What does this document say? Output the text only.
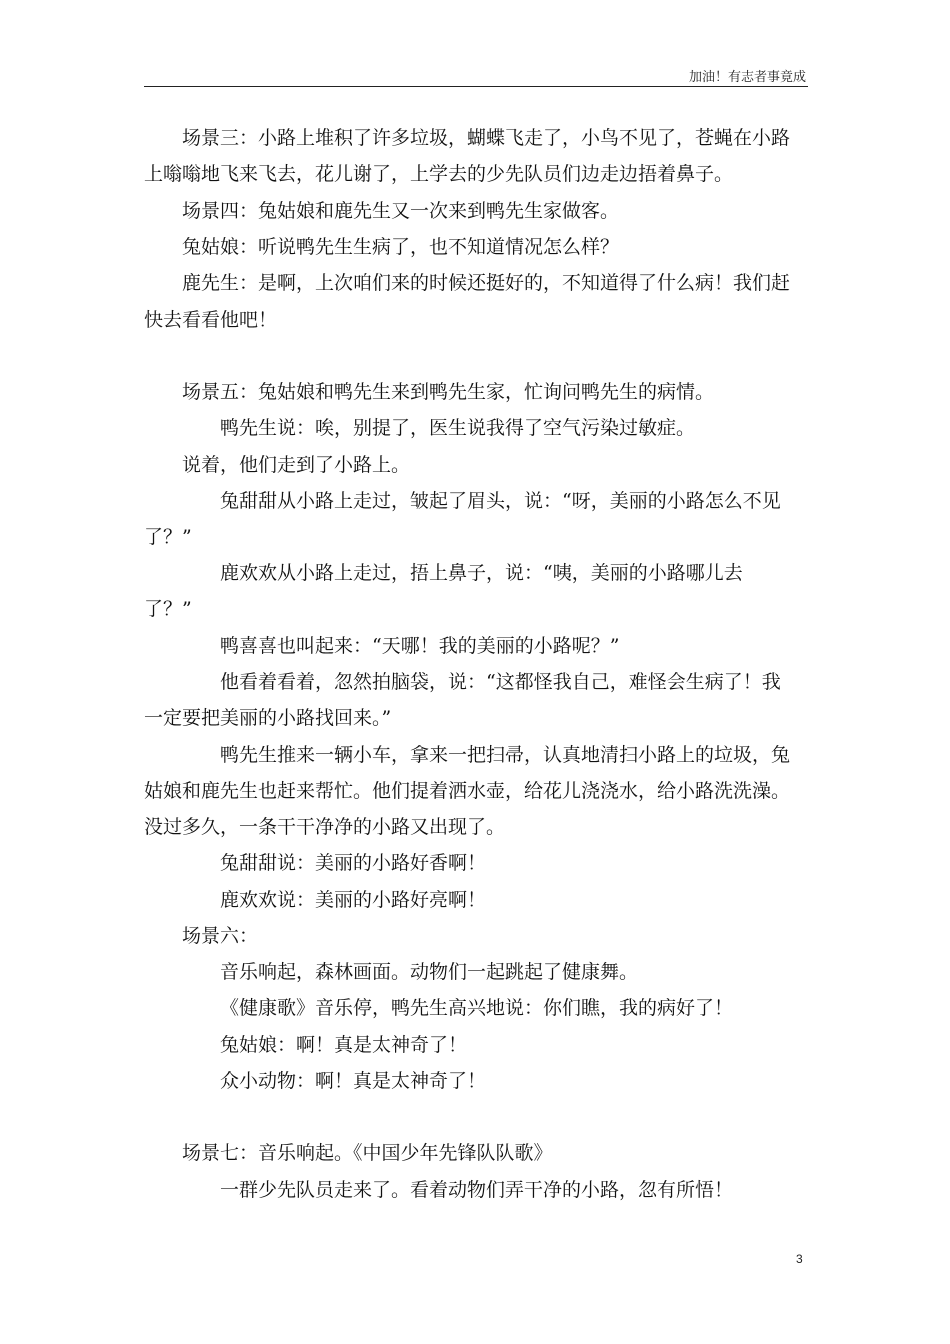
加油！有志者事竟成
场景三：小路上堆积了许多垃圾，蝴蝶飞走了，小鸟不见了，苍蝇在小路
上嗡嗡地飞来飞去，花儿谢了，上学去的少先队员们边走边捂着鼻子。
场景四：兔姑娘和鹿先生又一次来到鸭先生家做客。
兔姑娘：听说鸭先生生病了，也不知道情况怎么样？
鹿先生：是啊，上次咱们来的时候还挺好的，不知道得了什么病！我们赶
快去看看他吧！
场景五：兔姑娘和鸭先生来到鸭先生家，忙询问鸭先生的病情。
鸭先生说：唉，别提了，医生说我得了空气污染过敏症。
说着，他们走到了小路上。
兔甜甜从小路上走过，皱起了眉头，说：“呀，美丽的小路怎么不见
了？”
鹿欢欢从小路上走过，捂上鼻子，说：“咦，美丽的小路哪儿去
了？”
鸭喜喜也叫起来：“天哪！我的美丽的小路呢？”
他看着看着，忽然拍脑袋，说：“这都怪我自己，难怪会生病了！我
一定要把美丽的小路找回来。”
鸭先生推来一辆小车，拿来一把扫帚，认真地清扫小路上的垃圾，兔
姑娘和鹿先生也赶来帮忙。他们提着洒水壶，给花儿浇浇水，给小路洗洗澡。
没过多久，一条干干净净的小路又出现了。
兔甜甜说：美丽的小路好香啊！
鹿欢欢说：美丽的小路好亮啊！
场景六：
音乐响起，森林画面。动物们一起跳起了健康舞。
《健康歌》音乐停，鸭先生高兴地说：你们瞧，我的病好了！
兔姑娘：啊！真是太神奇了！
众小动物：啊！真是太神奇了！
场景七：音乐响起。《中国少年先锋队队歌》
一群少先队员走来了。看着动物们弄干净的小路，忽有所悟！
3
